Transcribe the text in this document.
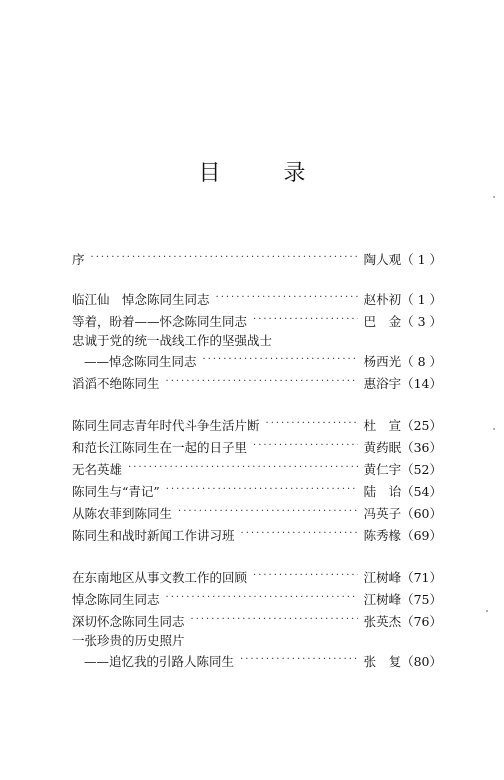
目 录
序 ·····	陶人观（ 1 ）
临江仙　悼念陈同生同志 ·····	赵朴初（ 1 ）
等着，盼着——怀念陈同生同志 ·····	巴　金（ 3 ）
忠诚于党的统一战线工作的坚强战士
——悼念陈同生同志 ·····	杨西光（ 8 ）
滔滔不绝陈同生 ·····	惠浴宇（14）
陈同生同志青年时代斗争生活片断 ·····	杜　宣（25）
和范长江陈同生在一起的日子里 ·····	黄药眠（36）
无名英雄 ·····	黄仁宇（52）
陈同生与“青记” ·····	陆　诒（54）
从陈农菲到陈同生 ·····	冯英子（60）
陈同生和战时新闻工作讲习班 ·····	陈秀椽（69）
在东南地区从事文教工作的回顾 ·····	江树峰（71）
悼念陈同生同志 ·····	江树峰（75）
深切怀念陈同生同志 ·····	张英杰（76）
一张珍贵的历史照片
——追忆我的引路人陈同生 ·····	张　复（80）
